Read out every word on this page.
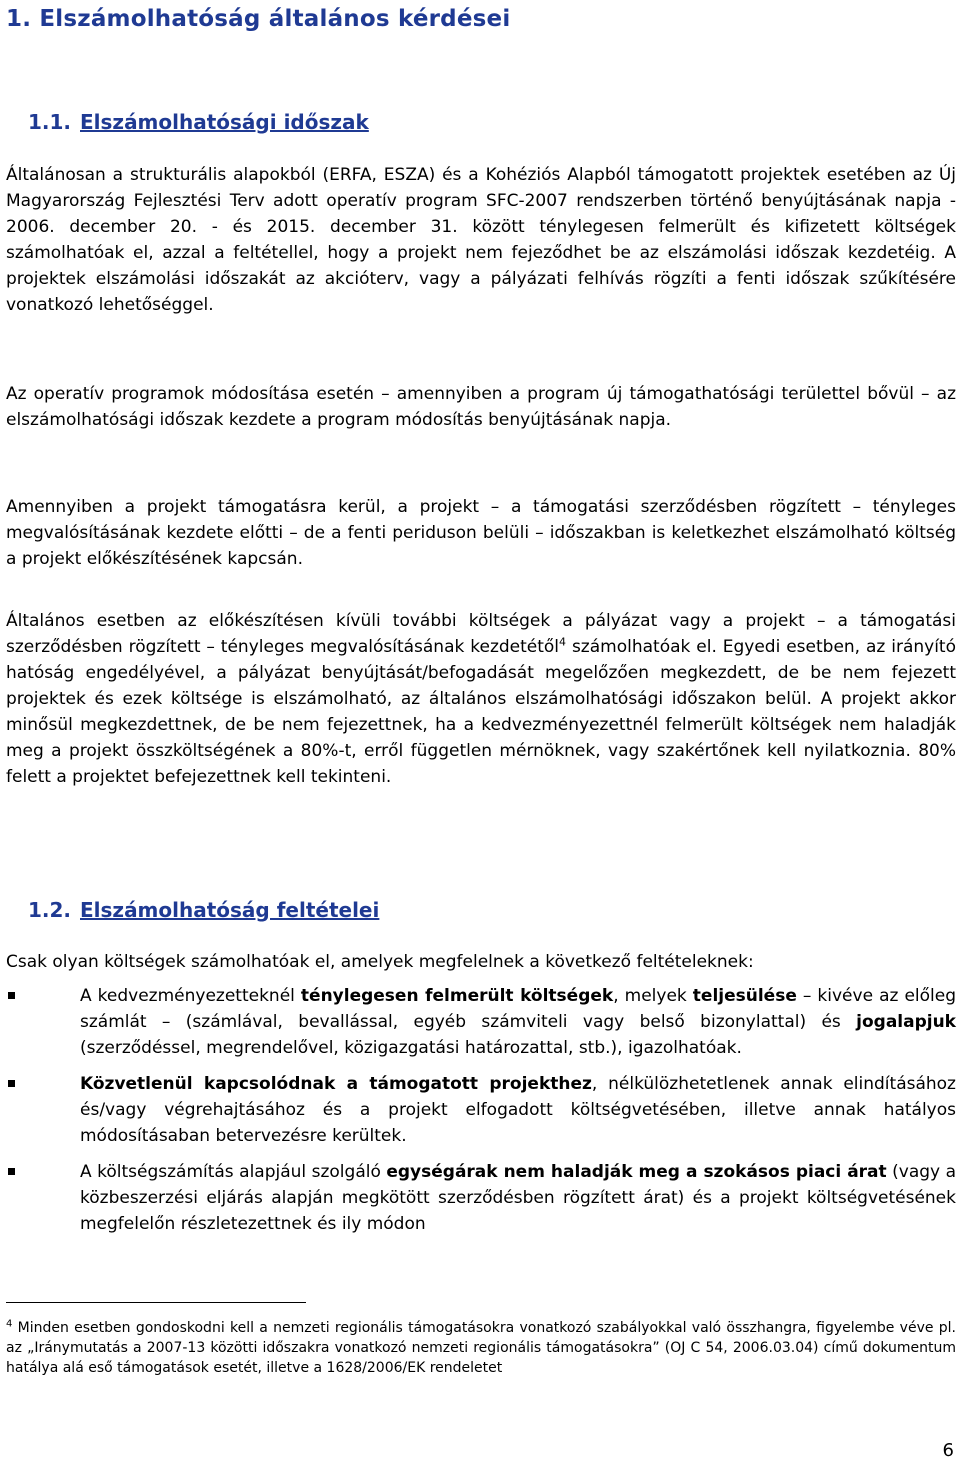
1. Elszámolhatóság általános kérdései
1.1. Elszámolhatósági időszak

Általánosan a strukturális alapokból (ERFA, ESZA) és a Kohéziós Alapból támogatott projektek esetében az Új Magyarország Fejlesztési Terv adott operatív program SFC-2007 rendszerben történő benyújtásának napja - 2006. december 20. - és 2015. december 31. között ténylegesen felmerült és kifizetett költségek számolhatóak el, azzal a feltétellel, hogy a projekt nem fejeződhet be az elszámolási időszak kezdetéig. A projektek elszámolási időszakát az akcióterv, vagy a pályázati felhívás rögzíti a fenti időszak szűkítésére vonatkozó lehetőséggel.

Az operatív programok módosítása esetén – amennyiben a program új támogathatósági területtel bővül – az elszámolhatósági időszak kezdete a program módosítás benyújtásának napja.

Amennyiben a projekt támogatásra kerül, a projekt – a támogatási szerződésben rögzített – tényleges megvalósításának kezdete előtti – de a fenti periduson belüli – időszakban is keletkezhet elszámolható költség a projekt előkészítésének kapcsán.

Általános esetben az előkészítésen kívüli további költségek a pályázat vagy a projekt – a támogatási szerződésben rögzített – tényleges megvalósításának kezdetétől$^4$ számolhatóak el. Egyedi esetben, az irányító hatóság engedélyével, a pályázat benyújtását/befogadását megelőzően megkezdett, de be nem fejezett projektek és ezek költsége is elszámolható, az általános elszámolhatósági időszakon belül. A projekt akkor minősül megkezdettnek, de be nem fejezettnek, ha a kedvezményezettnél felmerült költségek nem haladják meg a projekt összköltségének a 80%-t, erről független mérnöknek, vagy szakértőnek kell nyilatkoznia. 80% felett a projektet befejezettnek kell tekinteni.

1.2. Elszámolhatóság feltételei

Csak olyan költségek számolhatóak el, amelyek megfelelnek a következő feltételeknek:

A kedvezményezetteknél ténylegesen felmerült költségek, melyek teljesülése – kivéve az előleg számlát – (számlával, bevallással, egyéb számviteli vagy belső bizonylattal) és jogalapjuk (szerződéssel, megrendelővel, közigazgatási határozattal, stb.), igazolhatóak.
Közvetlenül kapcsolódnak a támogatott projekthez, nélkülözhetetlenek annak elindításához és/vagy végrehajtásához és a projekt elfogadott költségvetésében, illetve annak hatályos módosításaban betervezésre kerültek.
A költségszámítás alapjául szolgáló egységárak nem haladják meg a szokásos piaci árat (vagy a közbeszerzési eljárás alapján megkötött szerződésben rögzített árat) és a projekt költségvetésének megfelelőn részletezettnek és ily módon

$^4$ Minden esetben gondoskodni kell a nemzeti regionális támogatásokra vonatkozó szabályokkal való összhangra, figyelembe véve pl. az „Iránymutatás a 2007-13 közötti időszakra vonatkozó nemzeti regionális támogatásokra” (OJ C 54, 2006.03.04) című dokumentum hatálya alá eső támogatások esetét, illetve a 1628/2006/EK rendeletet

6
